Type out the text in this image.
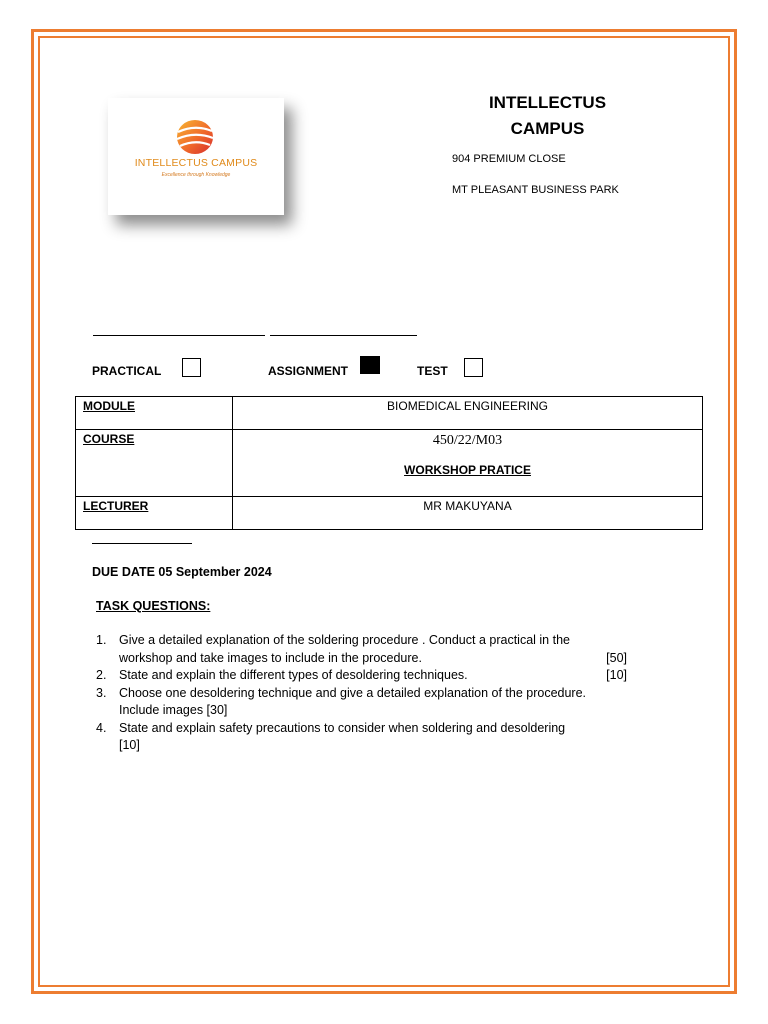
INTELLECTUS CAMPUS
Excellence through Knowledge
INTELLECTUS
CAMPUS
904 PREMIUM CLOSE
MT PLEASANT BUSINESS PARK
PRACTICAL	ASSIGNMENT	TEST
MODULE	BIOMEDICAL ENGINEERING
COURSE	450/22/M03
WORKSHOP PRATICE

LECTURER	MR MAKUYANA
DUE DATE 05 September 2024
TASK QUESTIONS:
1. Give a detailed explanation of the soldering procedure . Conduct a practical in the
[50]
workshop and take images to include in the procedure.
2.	[10]
State and explain the different types of desoldering techniques.
3. Choose one desoldering technique and give a detailed explanation of the procedure.
Include images [30]
4. State and explain safety precautions to consider when soldering and desoldering
[10]
